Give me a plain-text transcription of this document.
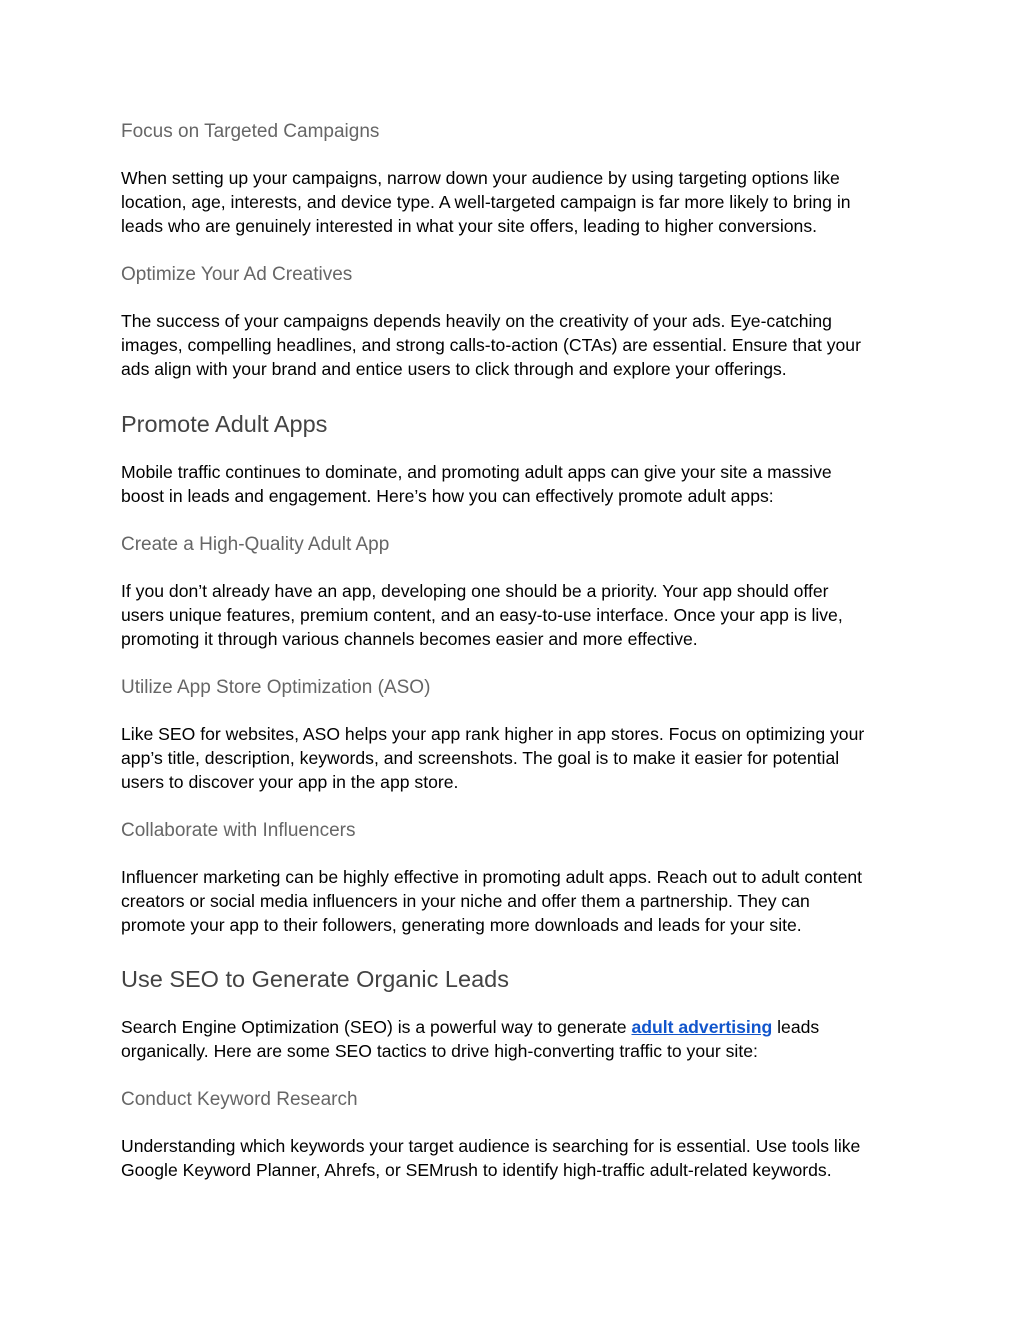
Focus on Targeted Campaigns

When setting up your campaigns, narrow down your audience by using targeting options like

location, age, interests, and device type. A well-targeted campaign is far more likely to bring in

leads who are genuinely interested in what your site offers, leading to higher conversions.

Optimize Your Ad Creatives

The success of your campaigns depends heavily on the creativity of your ads. Eye-catching

images, compelling headlines, and strong calls-to-action (CTAs) are essential. Ensure that your

ads align with your brand and entice users to click through and explore your offerings.

Promote Adult Apps

Mobile traffic continues to dominate, and promoting adult apps can give your site a massive

boost in leads and engagement. Here’s how you can effectively promote adult apps:

Create a High-Quality Adult App

If you don’t already have an app, developing one should be a priority. Your app should offer

users unique features, premium content, and an easy-to-use interface. Once your app is live,

promoting it through various channels becomes easier and more effective.

Utilize App Store Optimization (ASO)

Like SEO for websites, ASO helps your app rank higher in app stores. Focus on optimizing your

app’s title, description, keywords, and screenshots. The goal is to make it easier for potential

users to discover your app in the app store.

Collaborate with Influencers

Influencer marketing can be highly effective in promoting adult apps. Reach out to adult content

creators or social media influencers in your niche and offer them a partnership. They can

promote your app to their followers, generating more downloads and leads for your site.

Use SEO to Generate Organic Leads

Search Engine Optimization (SEO) is a powerful way to generate adult advertising leads

organically. Here are some SEO tactics to drive high-converting traffic to your site:

Conduct Keyword Research

Understanding which keywords your target audience is searching for is essential. Use tools like

Google Keyword Planner, Ahrefs, or SEMrush to identify high-traffic adult-related keywords.
